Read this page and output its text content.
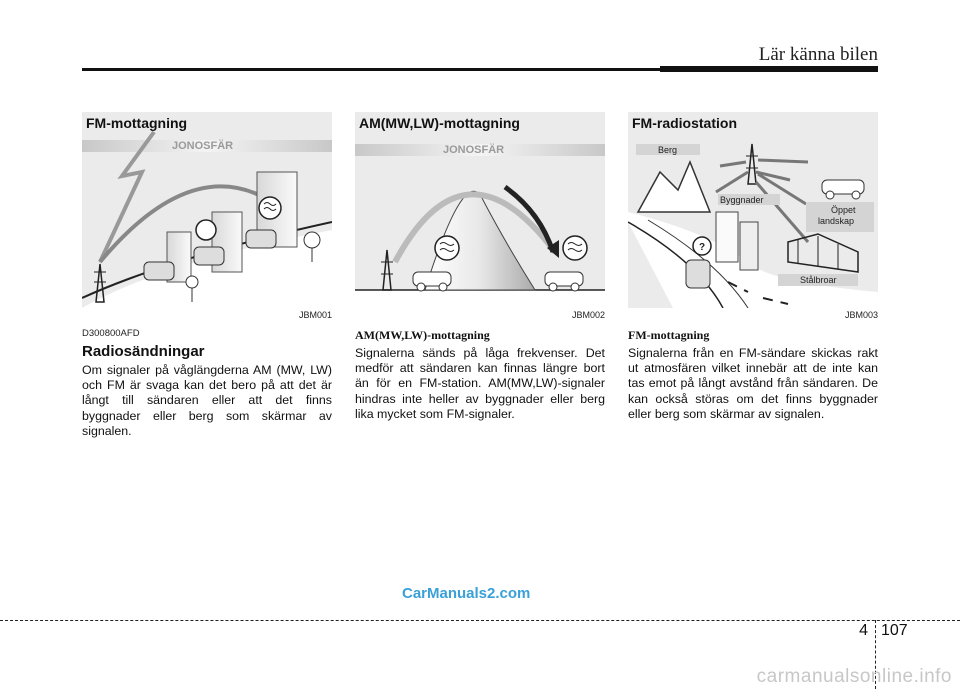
Lär känna bilen
FM-mottagning
JONOSFÄR
JBM001
D300800AFD
Radiosändningar
Om signaler på våglängderna AM (MW, LW) och FM är svaga kan det bero på att det är långt till sändaren eller att det finns byggnader eller berg som skärmar av signalen.
AM(MW,LW)-mottagning
JONOSFÄR
JBM002
AM(MW,LW)-mottagning
Signalerna sänds på låga frekvenser. Det medför att sändaren kan finnas längre bort än för en FM-station. AM(MW,LW)-signaler hindras inte heller av byggnader eller berg lika mycket som FM-signaler.
FM-radiostation
Berg
Byggnader
Öppet landskap
Stålbroar
?
JBM003
FM-mottagning
Signalerna från en FM-sändare skickas rakt ut atmosfären vilket innebär att de inte kan tas emot på långt avstånd från sändaren. De kan också störas om det finns byggnader eller berg som skärmar av signalen.
CarManuals2.com
4 107
carmanualsonline.info
